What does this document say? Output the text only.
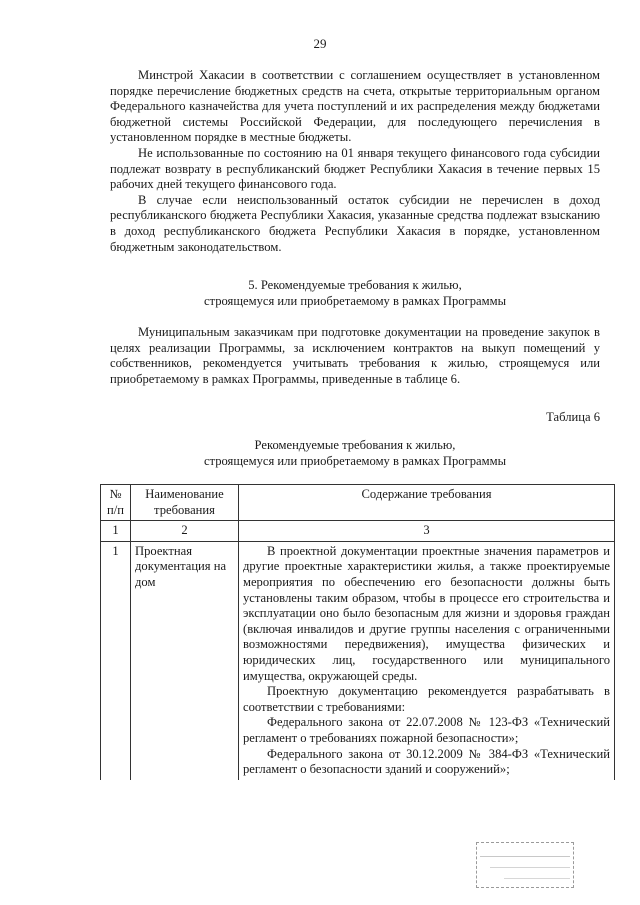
29

Минстрой Хакасии в соответствии с соглашением осуществляет в установленном порядке перечисление бюджетных средств на счета, открытые территориальным органом Федерального казначейства для учета поступлений и их распределения между бюджетами бюджетной системы Российской Федерации, для последующего перечисления в установленном порядке в местные бюджеты.

Не использованные по состоянию на 01 января текущего финансового года субсидии подлежат возврату в республиканский бюджет Республики Хакасия в течение первых 15 рабочих дней текущего финансового года.

В случае если неиспользованный остаток субсидии не перечислен в доход республиканского бюджета Республики Хакасия, указанные средства подлежат взысканию в доход республиканского бюджета Республики Хакасия в порядке, установленном бюджетным законодательством.

5. Рекомендуемые требования к жилью,
строящемуся или приобретаемому в рамках Программы

Муниципальным заказчикам при подготовке документации на проведение закупок в целях реализации Программы, за исключением контрактов на выкуп помещений у собственников, рекомендуется учитывать требования к жилью, строящемуся или приобретаемому в рамках Программы, приведенные в таблице 6.

Таблица 6
Рекомендуемые требования к жилью,
строящемуся или приобретаемому в рамках Программы
№ п/п	Наименование требования	Содержание требования
1	2	3
1	Проектная документация на дом	В проектной документации проектные значения параметров и другие проектные характеристики жилья, а также проектируемые мероприятия по обеспечению его безопасности должны быть установлены таким образом, чтобы в процессе его строительства и эксплуатации оно было безопасным для жизни и здоровья граждан (включая инвалидов и другие группы населения с ограниченными возможностями передвижения), имущества физических и юридических лиц, государственного или муниципального имущества, окружающей среды.

Проектную документацию рекомендуется разрабатывать в соответствии с требованиями:

Федерального закона от 22.07.2008 № 123-ФЗ «Технический регламент о требованиях пожарной безопасности»;

Федерального закона от 30.12.2009 № 384-ФЗ «Технический регламент о безопасности зданий и сооружений»;
